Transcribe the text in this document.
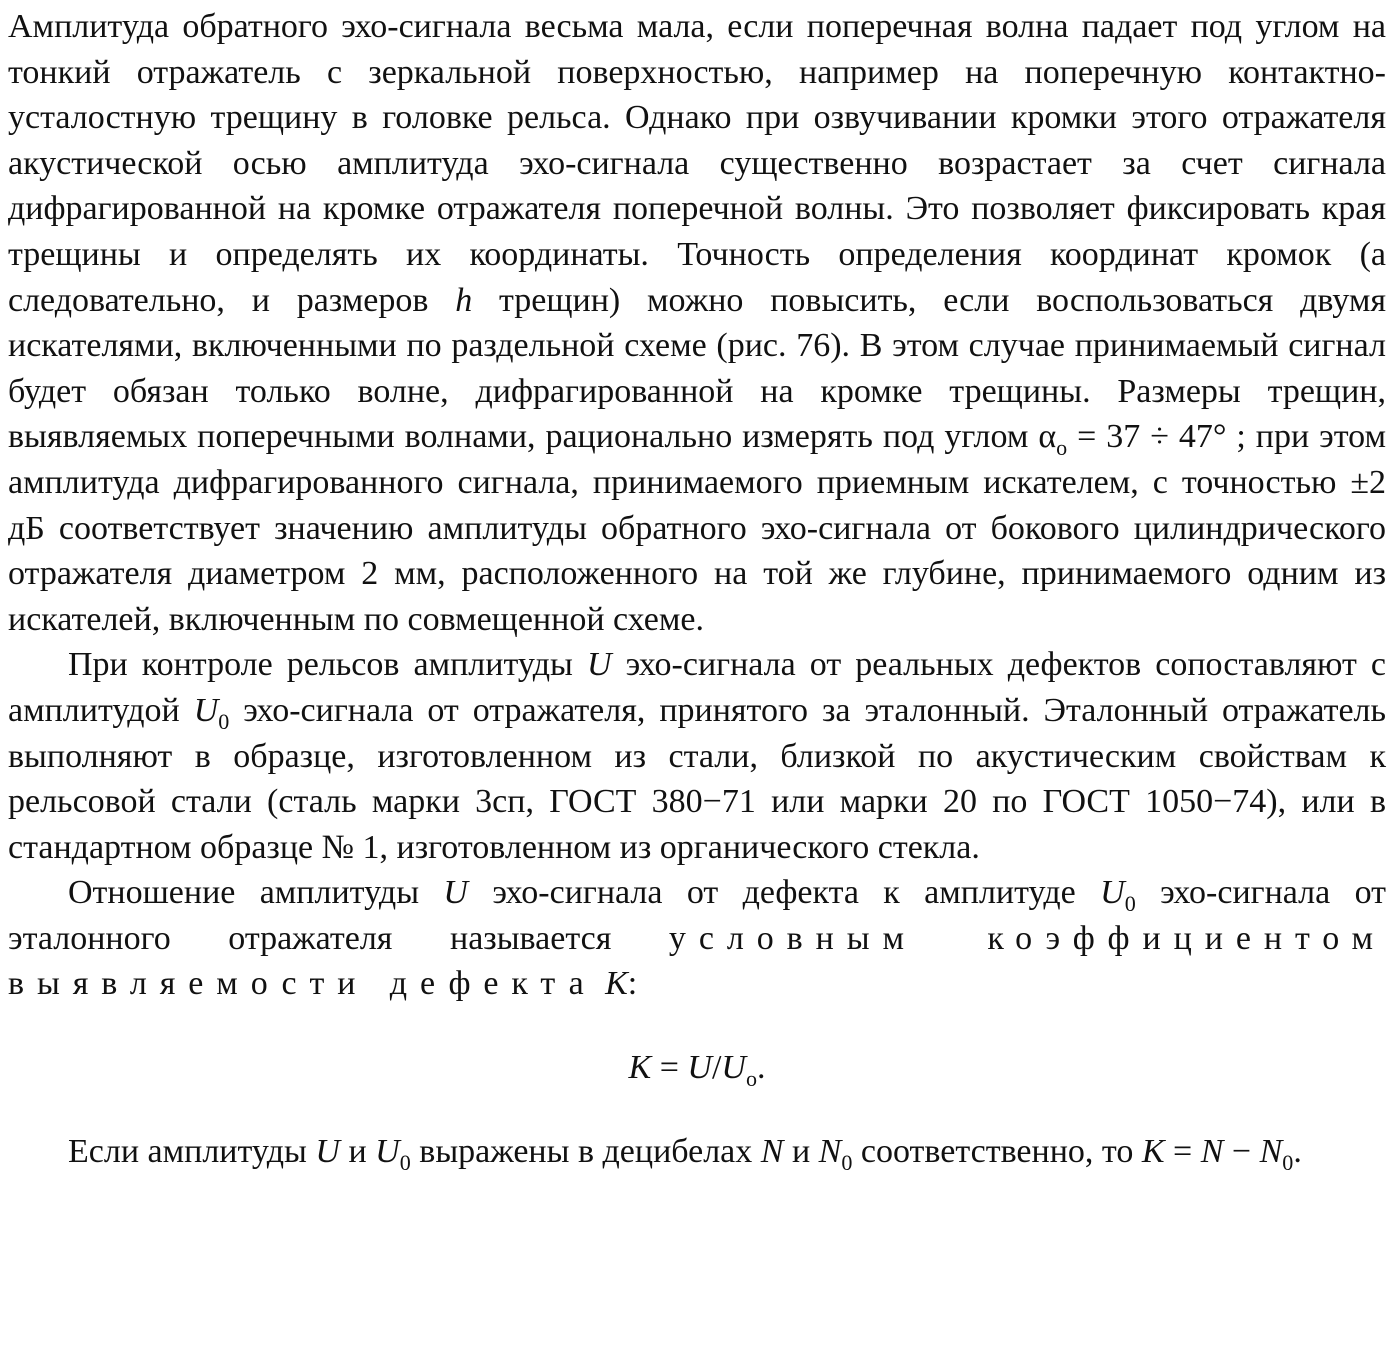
Амплитуда обратного эхо-сигнала весьма мала, если поперечная волна падает под углом на тонкий отражатель с зеркальной поверхностью, например на поперечную контактно-усталостную трещину в головке рельса. Однако при озвучивании кромки этого отражателя акустической осью амплитуда эхо-сигнала существенно возрастает за счет сигнала дифрагированной на кромке отражателя поперечной волны. Это позволяет фиксировать края трещины и определять их координаты. Точность определения координат кромок (а следовательно, и размеров h трещин) можно повысить, если воспользоваться двумя искателями, включенными по раздельной схеме (рис. 76). В этом случае принимаемый сигнал будет обязан только волне, дифрагированной на кромке трещины. Размеры трещин, выявляемых поперечными волнами, рационально измерять под углом $\alpha_о = 37 \div 47^\circ$ ; при этом амплитуда дифрагированного сигнала, принимаемого приемным искателем, с точностью ±2 дБ соответствует значению амплитуды обратного эхо-сигнала от бокового цилиндрического отражателя диаметром 2 мм, расположенного на той же глубине, принимаемого одним из искателей, включенным по совмещенной схеме.

При контроле рельсов амплитуды U эхо-сигнала от реальных дефектов сопоставляют с амплитудой $U_0$ эхо-сигнала от отражателя, принятого за эталонный. Эталонный отражатель выполняют в образце, изготовленном из стали, близкой по акустическим свойствам к рельсовой стали (сталь марки 3сп, ГОСТ 380−71 или марки 20 по ГОСТ 1050−74), или в стандартном образце № 1, изготовленном из органического стекла.

Отношение амплитуды U эхо-сигнала от дефекта к амплитуде $U_0$ эхо-сигнала от эталонного отражателя называется условным коэффициентом выявляемости дефекта K:

$K = U/U_о$.

Если амплитуды U и $U_0$ выражены в децибелах N и $N_0$ соответственно, то $K = N - N_0$.
